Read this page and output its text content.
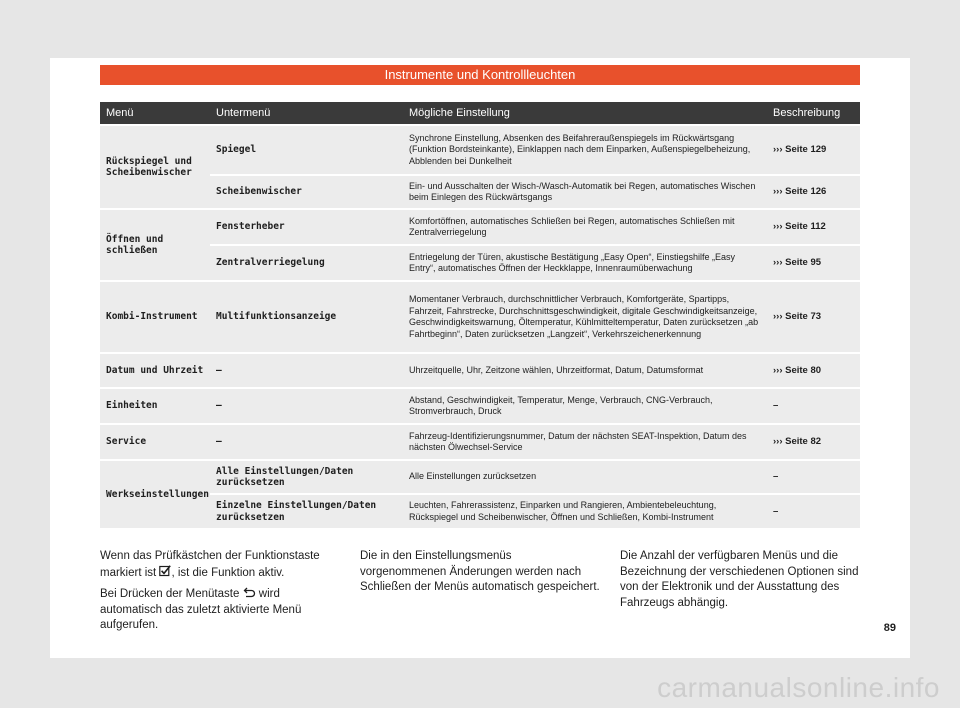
Instrumente und Kontrollleuchten
Menü	Untermenü	Mögliche Einstellung	Beschreibung
Rückspiegel und Scheibenwischer	Spiegel	Synchrone Einstellung, Absenken des Beifahreraußenspiegels im Rückwärtsgang (Funktion Bordsteinkante), Einklappen nach dem Einparken, Außenspiegelbeheizung, Abblenden bei Dunkelheit	››› Seite 129
	Scheibenwischer	Ein- und Ausschalten der Wisch-/Wasch-Automatik bei Regen, automatisches Wischen beim Einlegen des Rückwärtsgangs	››› Seite 126
Öffnen und schließen	Fensterheber	Komfortöffnen, automatisches Schließen bei Regen, automatisches Schließen mit Zentralverriegelung	››› Seite 112
	Zentralverriegelung	Entriegelung der Türen, akustische Bestätigung „Easy Open“, Einstiegshilfe „Easy Entry“, automatisches Öffnen der Heckklappe, Innenraumüberwachung	››› Seite 95
Kombi-Instrument	Multifunktionsanzeige	Momentaner Verbrauch, durchschnittlicher Verbrauch, Komfortgeräte, Spartipps, Fahrzeit, Fahrstrecke, Durchschnittsgeschwindigkeit, digitale Geschwindigkeitsanzeige, Geschwindigkeitswarnung, Öltemperatur, Kühlmitteltemperatur, Daten zurücksetzen „ab Fahrtbeginn“, Daten zurücksetzen „Langzeit“, Verkehrszeichenerkennung	››› Seite 73
Datum und Uhrzeit	–	Uhrzeitquelle, Uhr, Zeitzone wählen, Uhrzeitformat, Datum, Datumsformat	››› Seite 80
Einheiten	–	Abstand, Geschwindigkeit, Temperatur, Menge, Verbrauch, CNG-Verbrauch, Stromverbrauch, Druck	–
Service	–	Fahrzeug-Identifizierungsnummer, Datum der nächsten SEAT-Inspektion, Datum des nächsten Ölwechsel-Service	››› Seite 82
Werkseinstellungen	Alle Einstellungen/Daten zurücksetzen	Alle Einstellungen zurücksetzen	–
	Einzelne Einstellungen/Daten zurücksetzen	Leuchten, Fahrerassistenz, Einparken und Rangieren, Ambientebeleuchtung, Rückspiegel und Scheibenwischer, Öffnen und Schließen, Kombi-Instrument	–

Wenn das Prüfkästchen der Funktionstaste markiert ist , ist die Funktion aktiv.

Bei Drücken der Menütaste wird automatisch das zuletzt aktivierte Menü aufgerufen.

Die in den Einstellungsmenüs vorgenommenen Änderungen werden nach Schließen der Menüs automatisch gespeichert.

Die Anzahl der verfügbaren Menüs und die Bezeichnung der verschiedenen Optionen sind von der Elektronik und der Ausstattung des Fahrzeugs abhängig.

89
carmanualsonline.info
